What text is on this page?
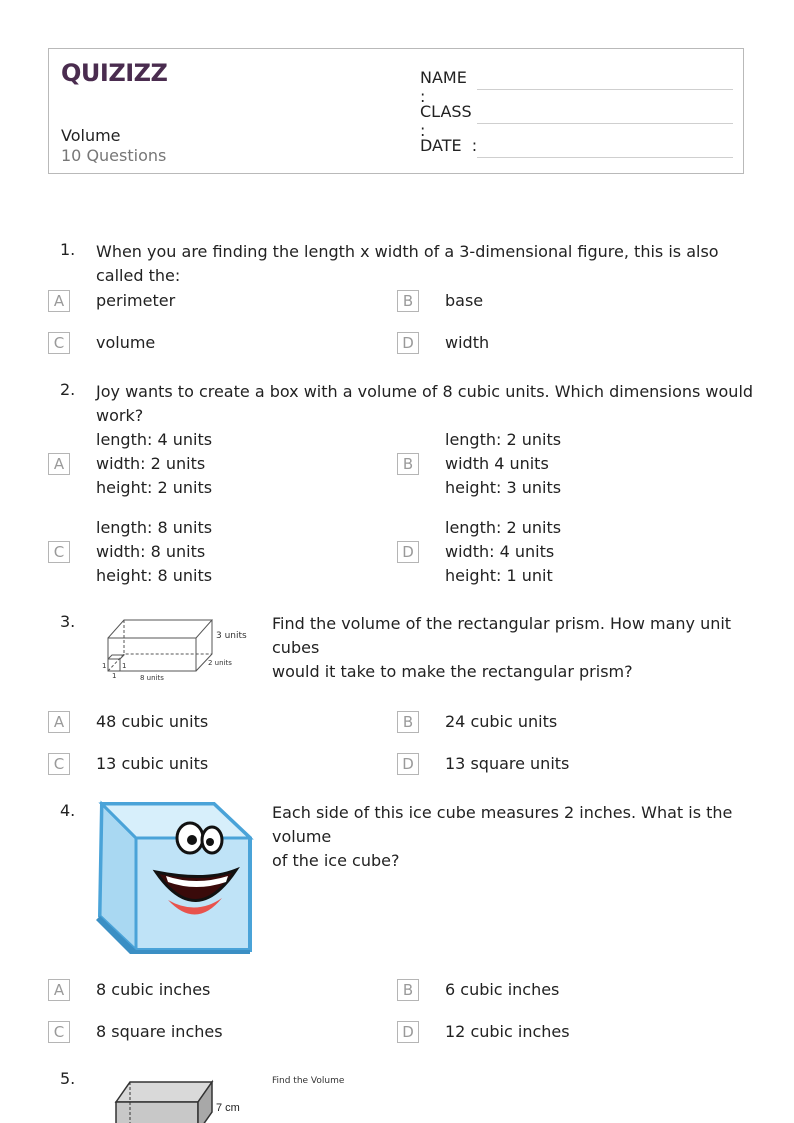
QUIZIZZ
Volume
10 Questions
NAME :
CLASS :
DATE  :
1. When you are finding the length x width of a 3-dimensional figure, this is also called the:
A	perimeter	B	base
C	volume	D	width
2. Joy wants to create a box with a volume of 8 cubic units. Which dimensions would work?
A
length: 4 units
width: 2 units
height: 2 units
B
length: 2 units
width 4 units
height: 3 units
C
length: 8 units
width: 8 units
height: 8 units
D
length: 2 units
width: 4 units
height: 1 unit
3.
3 units
2 units
8 units
1
1
1
Find the volume of the rectangular prism. How many unit cubes
would it take to make the rectangular prism?
A	48 cubic units	B	24 cubic units
C	13 cubic units	D	13 square units
4.	Each side of this ice cube measures 2 inches. What is the volume
of the ice cube?
A	8 cubic inches	B	6 cubic inches
C	8 square inches	D	12 cubic inches
5.
7 cm
Find the Volume
